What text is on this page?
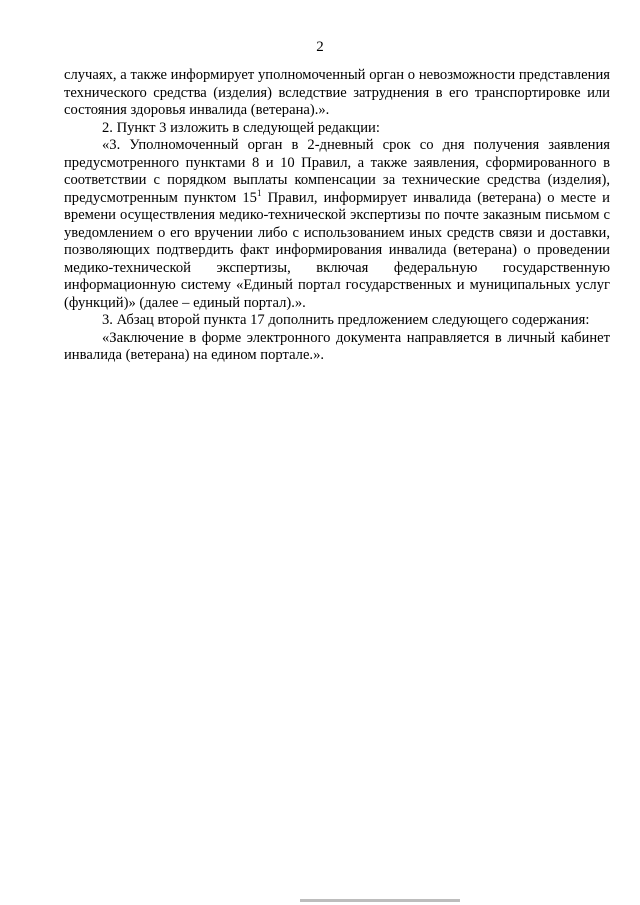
2

случаях, а также информирует уполномоченный орган о невозможности представления технического средства (изделия) вследствие затруднения в его транспортировке или состояния здоровья инвалида (ветерана).».

2. Пункт 3 изложить в следующей редакции:

«3. Уполномоченный орган в 2-дневный срок со дня получения заявления предусмотренного пунктами 8 и 10 Правил, а также заявления, сформированного в соответствии с порядком выплаты компенсации за технические средства (изделия), предусмотренным пунктом $15^1$ Правил, информирует инвалида (ветерана) о месте и времени осуществления медико-технической экспертизы по почте заказным письмом с уведомлением о его вручении либо с использованием иных средств связи и доставки, позволяющих подтвердить факт информирования инвалида (ветерана) о проведении медико-технической экспертизы, включая федеральную государственную информационную систему «Единый портал государственных и муниципальных услуг (функций)» (далее – единый портал).».

3. Абзац второй пункта 17 дополнить предложением следующего содержания:

«Заключение в форме электронного документа направляется в личный кабинет инвалида (ветерана) на едином портале.».
